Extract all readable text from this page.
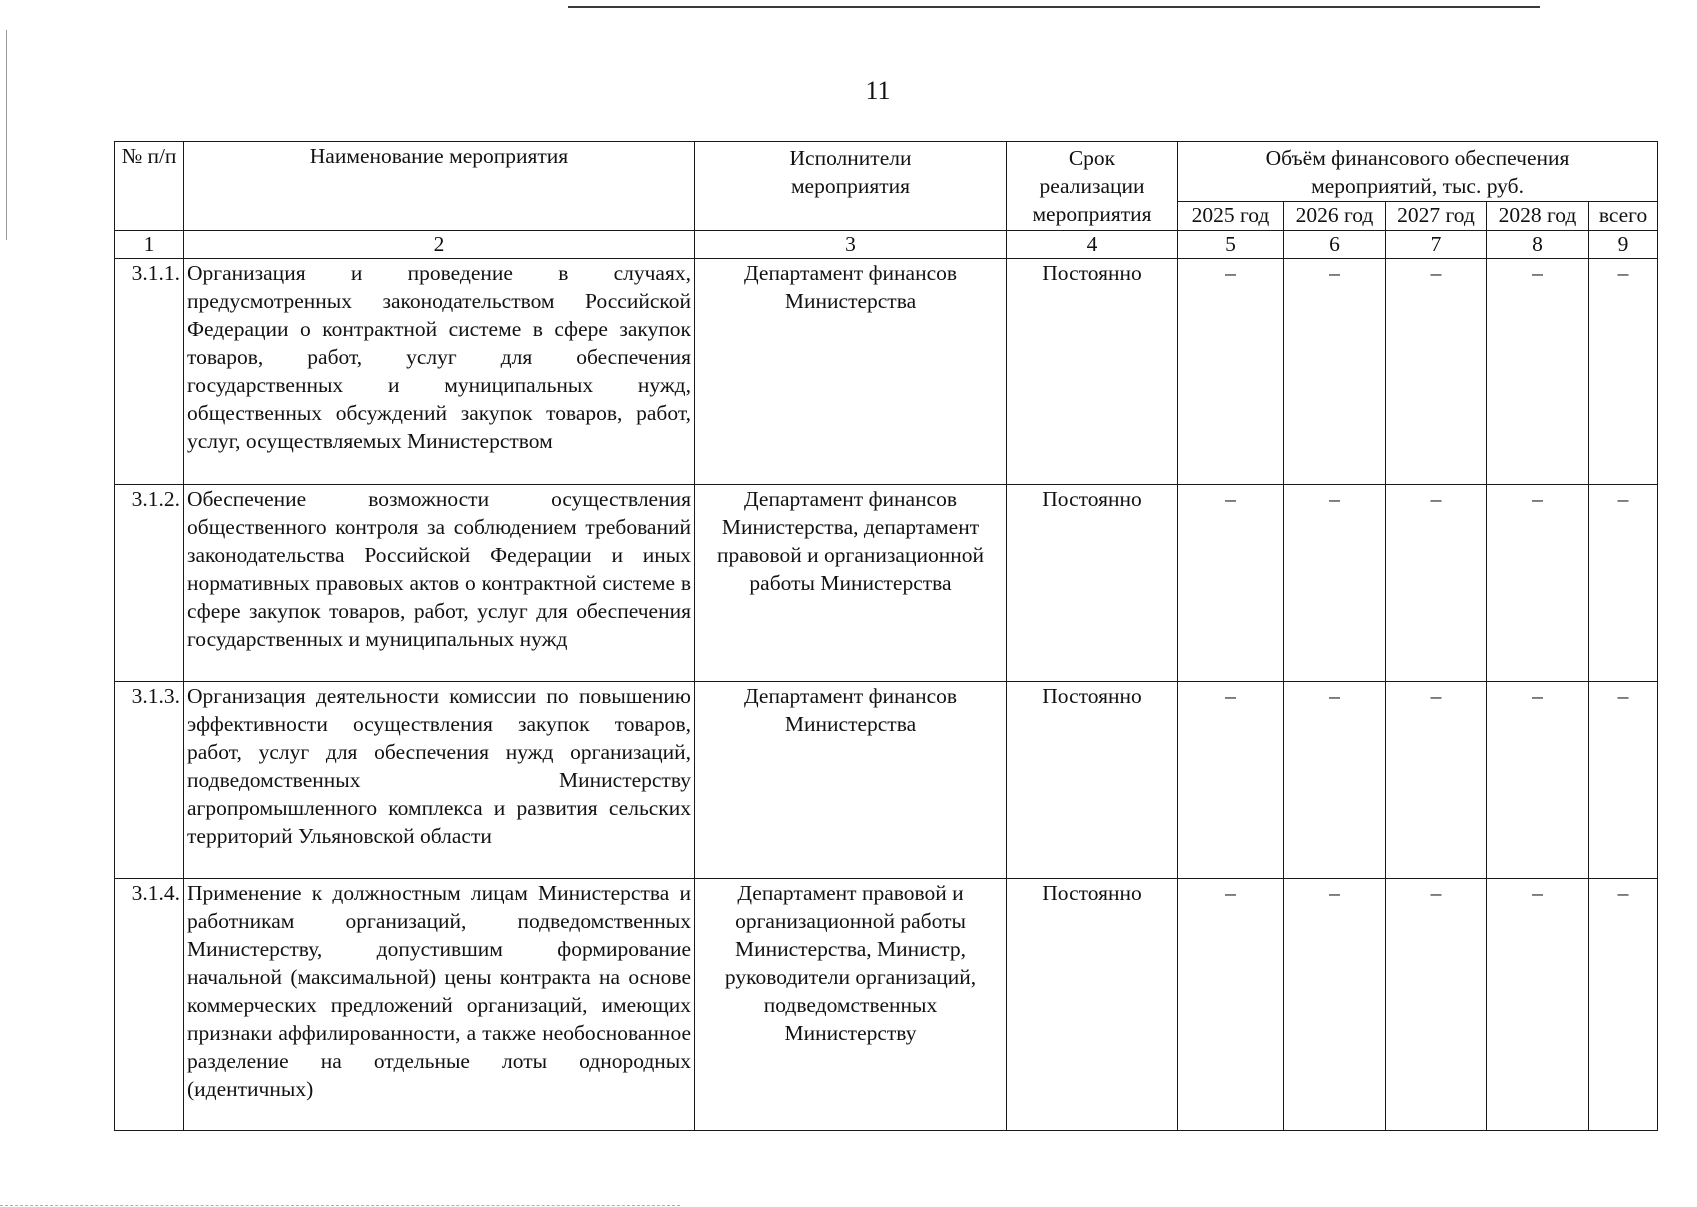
11
№ п/п	Наименование мероприятия	Исполнители мероприятия	Срок реализации мероприятия	Объём финансового обеспечения мероприятий, тыс. руб.				
				2025 год	2026 год	2027 год	2028 год	всего
1	2	3	4	5	6	7	8	9
3.1.1.	Организация и проведение в случаях, предусмотренных законодательством Российской Федерации о контрактной системе в сфере закупок товаров, работ, услуг для обеспечения государственных и муниципальных нужд, общественных обсуждений закупок товаров, работ, услуг, осуществляемых Министерством	Департамент финансов Министерства	Постоянно	–	–	–	–	–
3.1.2.	Обеспечение возможности осуществления общественного контроля за соблюдением требований законодательства Российской Федерации и иных нормативных правовых актов о контрактной системе в сфере закупок товаров, работ, услуг для обеспечения государственных и муниципальных нужд	Департамент финансов Министерства, департамент правовой и организационной работы Министерства	Постоянно	–	–	–	–	–
3.1.3.	Организация деятельности комиссии по повышению эффективности осуществления закупок товаров, работ, услуг для обеспечения нужд организаций, подведомственных Министерству агропромышленного комплекса и развития сельских территорий Ульяновской области	Департамент финансов Министерства	Постоянно	–	–	–	–	–
3.1.4.	Применение к должностным лицам Министерства и работникам организаций, подведомственных Министерству, допустившим формирование начальной (максимальной) цены контракта на основе коммерческих предложений организаций, имеющих признаки аффилированности, а также необоснованное разделение на отдельные лоты однородных (идентичных)	Департамент правовой и организационной работы Министерства, Министр, руководители организаций, подведомственных Министерству	Постоянно	–	–	–	–	–
